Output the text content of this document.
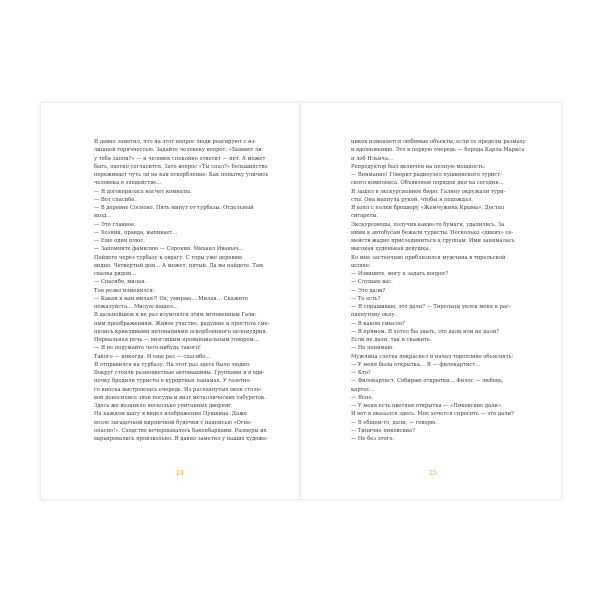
Я давно заметил, что на этот вопрос люди реагируют с из-

лишней горячностью. Задайте человеку вопрос: «Бывают ли

у тебя запои?» — и человек спокойно ответит — нет. А может

быть, охотно согласится. Зато вопрос «Ты спал?» большинство

переживает чуть ли не как оскорбление. Как попытку уличить

человека в злодействе…

— Я договорилась насчет комнаты.

— Вот спасибо.

— В деревне Сосново. Пять минут от турбазы. Отдельный

вход…

— Это главное.

— Хозяин, правда, выпивает…

— Еще один плюс.

— Запомните фамилию — Сорокин. Михаил Иваныч…

Пойдете через турбазу к оврагу. С горы уже деревню

видно. Четвертый дом… А может, пятый. Да вы найдете. Там

свалка рядом…

— Спасибо, милая.

Тон резко изменился:

— Какая я вам милая?! Ох, умираю… Милая… Скажите

пожалуйста… Милую нашел…

В дальнейшем я не раз изумлялся этим мгновенным Гали-

ным преображениям. Живое участие, радушие и простота сме-

нялись крикливыми интонациями оскорбленного целомудрия.

Нормальная речь — визгливым провинциальным говором…

— Я не подумайте чего-нибудь такого!

Такого — никогда. И еще раз — спасибо…

Я отправился на турбазу. На этот раз здесь было людно.

Вокруг стояли разноцветные автомашины. Группами и в оди-

ночку бродили туристы в курортных панамах. У газетно-

го киоска выстроилась очередь. Из распахнутых окон столо-

вой доносились звон посуды и визг металлических табуреток.

Здесь же возникло несколько упитанных дворняг.

На каждом шагу я видел изображения Пушкина. Даже

возле загадочной кирпичной будочки с надписью «Огне-

опасно!». Сходство исчерпывалось бакенбардами. Размеры их

варьировались произвольно. Я давно заметил у наших художе-

24

ников изменяется любимые объекты, если те пределы размаху

и вдохновению. Это в первую очередь — борода Карла Маркса

и лоб Ильича…

Репродуктор был включен на полную мощность:

— Внимание! Говорит радиоузел пушкинского турист-

ского комплекса. Объявляем порядок дня на сегодня…

Я зашел в экскурсионное бюро. Галину окружали тури-

сты. Она махнула рукой, чтобы я подождал.

Я взял с полки брошюру «Жемчужина Крыма». Достал

сигареты.

Экскурсоводы, получив какие-то бумаги, удалились. За

ними к автобусам бежали туристы. Несколько «диких» се-

мейств жадно присоединиться к группам. Ими занималась

высокая худенькая девушка.

Ко мне застенчиво приблизился мужчина в тирольской

шляпе:

— Извините, могу я задать вопрос?

— Слушаю вас.

— Это дали?

— То есть?

— Я спрашиваю, это дали? — Тирольцы увлек меня к рас-

пахнутому окну.

— В каком смысле?

— В прямом. Я хотел бы знать, это дали или не дали?

Если не дали, так и скажите.

— Не понимаю.

Мужчина слегка покраснел и начал торопливо объяснять:

— У меня была открытка… Я — филокартист…

— Кто?

— Филокартист. Собираю открытки… Филос — любовь,

картос…

— Ясно.

— У меня есть цветная открытка — «Пиковские дали».

И вот я оказался здесь. Мне хочется спросить — это дали?

— В общем-то, дали, — говорю.

— Типично пиковские?

— Не без этого.

25
